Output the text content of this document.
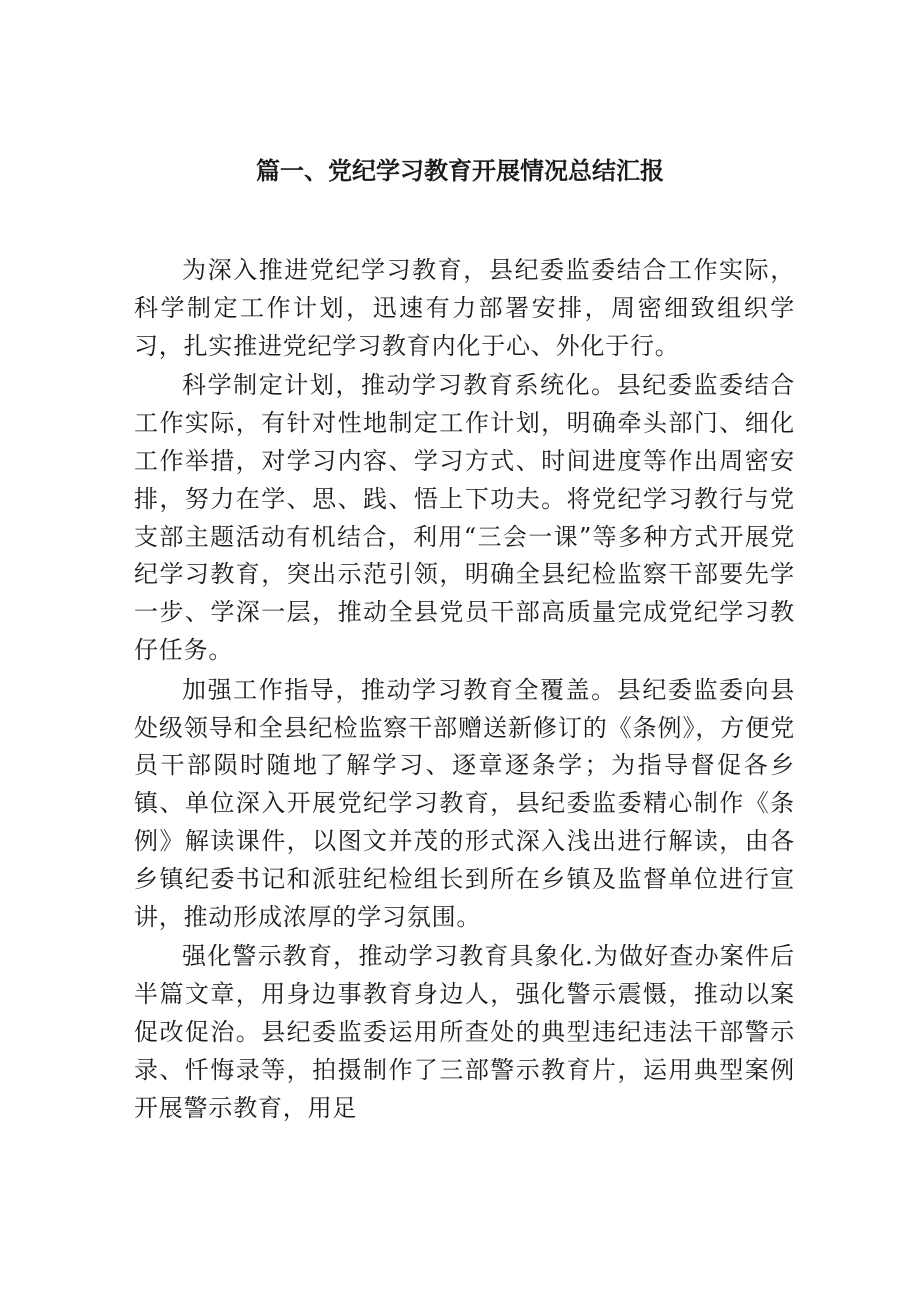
篇一、党纪学习教育开展情况总结汇报

为深入推进党纪学习教育，县纪委监委结合工作实际，科学制定工作计划，迅速有力部署安排，周密细致组织学习，扎实推进党纪学习教育内化于心、外化于行。

科学制定计划，推动学习教育系统化。县纪委监委结合工作实际，有针对性地制定工作计划，明确牵头部门、细化工作举措，对学习内容、学习方式、时间进度等作出周密安排，努力在学、思、践、悟上下功夫。将党纪学习教行与党支部主题活动有机结合，利用“三会一课”等多种方式开展党纪学习教育，突出示范引领，明确全县纪检监察干部要先学一步、学深一层，推动全县党员干部高质量完成党纪学习教仔任务。

加强工作指导，推动学习教育全覆盖。县纪委监委向县处级领导和全县纪检监察干部赠送新修订的《条例》，方便党员干部陨时随地了解学习、逐章逐条学；为指导督促各乡镇、单位深入开展党纪学习教育，县纪委监委精心制作《条例》解读课件，以图文并茂的形式深入浅出进行解读，由各乡镇纪委书记和派驻纪检组长到所在乡镇及监督单位进行宣讲，推动形成浓厚的学习氛围。

强化警示教育，推动学习教育具象化.为做好查办案件后半篇文章，用身边事教育身边人，强化警示震慑，推动以案促改促治。县纪委监委运用所查处的典型违纪违法干部警示录、忏悔录等，拍摄制作了三部警示教育片，运用典型案例开展警示教育，用足
